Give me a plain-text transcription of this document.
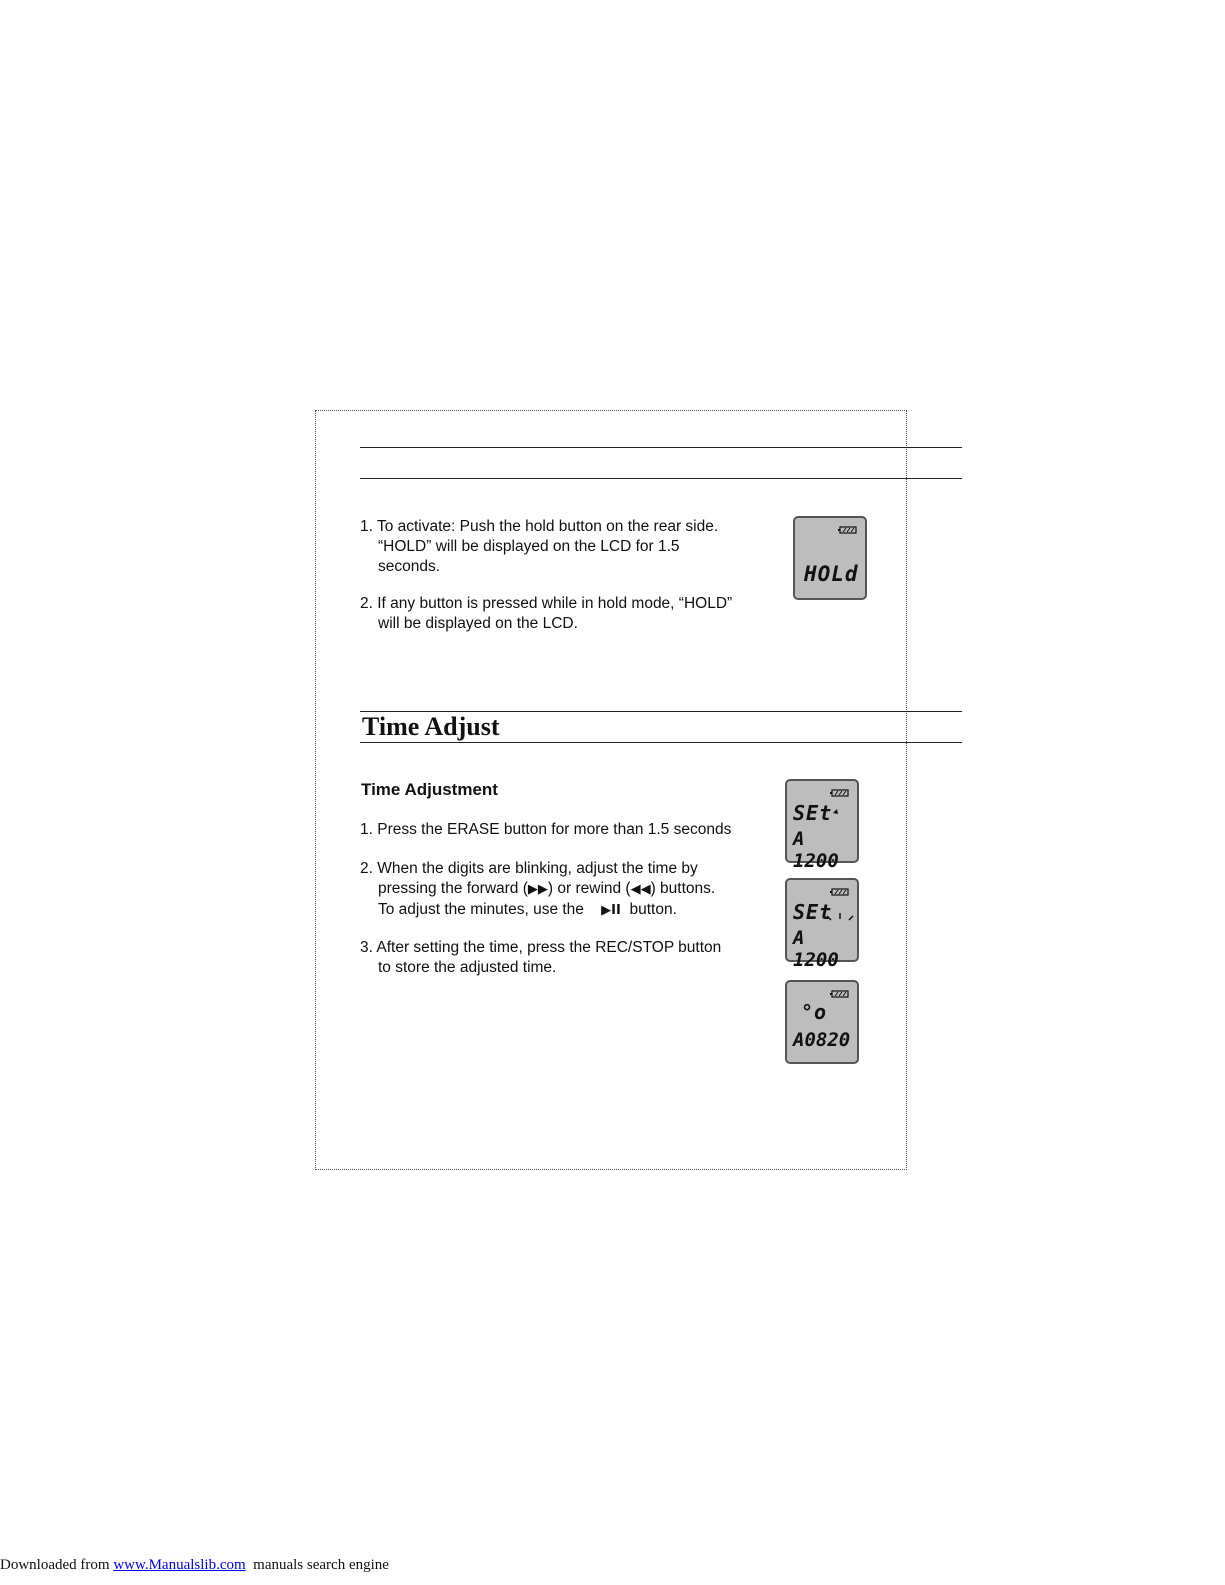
1. To activate: Push the hold button on the rear side.
“HOLD” will be displayed on the LCD for 1.5
seconds.
2. If any button is pressed while in hold mode, “HOLD”
will be displayed on the LCD.
HOLd
Time Adjust
Time Adjustment
1. Press the ERASE button for more than 1.5 seconds
2. When the digits are blinking, adjust the time by
pressing the forward (▶▶) or rewind (◀◀) buttons.
To adjust the minutes, use the ▶II button.
3. After setting the time, press the REC/STOP button
to store the adjusted time.
SEt
A 1200
SEt
A 1200
°o
A0820
Downloaded from www.Manualslib.com  manuals search engine
